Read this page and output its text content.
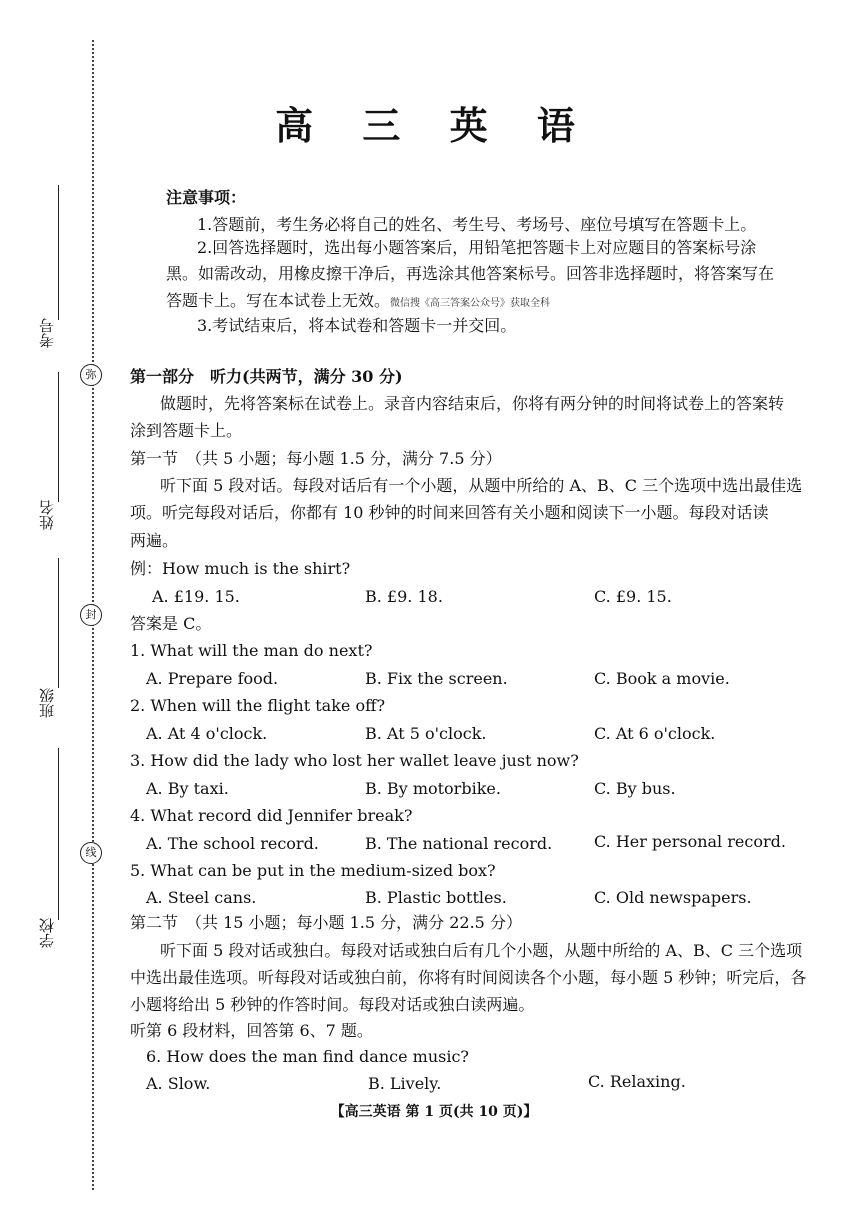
弥
封
线
考号
姓名
班级
学校
高 三 英 语
注意事项：
1.答题前，考生务必将自己的姓名、考生号、考场号、座位号填写在答题卡上。
2.回答选择题时，选出每小题答案后，用铅笔把答题卡上对应题目的答案标号涂
黑。如需改动，用橡皮擦干净后，再选涂其他答案标号。回答非选择题时，将答案写在
答题卡上。写在本试卷上无效。微信搜《高三答案公众号》获取全科
3.考试结束后，将本试卷和答题卡一并交回。
第一部分　听力(共两节，满分 30 分)
做题时，先将答案标在试卷上。录音内容结束后，你将有两分钟的时间将试卷上的答案转
涂到答题卡上。
第一节　（共 5 小题；每小题 1.5 分，满分 7.5 分）
听下面 5 段对话。每段对话后有一个小题，从题中所给的 A、B、C 三个选项中选出最佳选
项。听完每段对话后，你都有 10 秒钟的时间来回答有关小题和阅读下一小题。每段对话读
两遍。
例：How much is the shirt?
A. £19. 15.	B. £9. 18.	C. £9. 15.
答案是 C。
1. What will the man do next?
A. Prepare food.	B. Fix the screen.	C. Book a movie.
2. When will the flight take off?
A. At 4 o'clock.	B. At 5 o'clock.	C. At 6 o'clock.
3. How did the lady who lost her wallet leave just now?
A. By taxi.	B. By motorbike.	C. By bus.
4. What record did Jennifer break?
A. The school record.	B. The national record.	C. Her personal record.
5. What can be put in the medium-sized box?
A. Steel cans.	B. Plastic bottles.	C. Old newspapers.
第二节　（共 15 小题；每小题 1.5 分，满分 22.5 分）
听下面 5 段对话或独白。每段对话或独白后有几个小题，从题中所给的 A、B、C 三个选项
中选出最佳选项。听每段对话或独白前，你将有时间阅读各个小题，每小题 5 秒钟；听完后，各
小题将给出 5 秒钟的作答时间。每段对话或独白读两遍。
听第 6 段材料，回答第 6、7 题。
6. How does the man find dance music?
A. Slow.	B. Lively.	C. Relaxing.
【高三英语 第 1 页(共 10 页)】
